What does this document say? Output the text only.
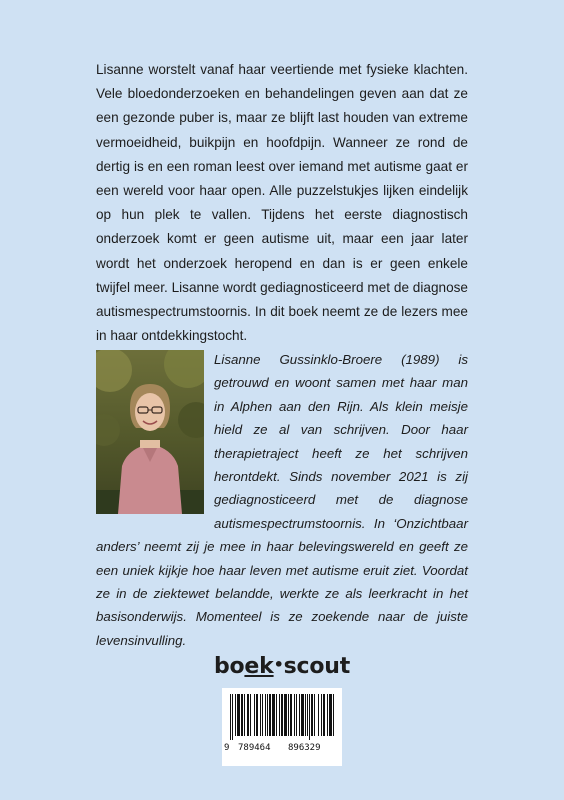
Lisanne worstelt vanaf haar veertiende met fysieke klachten. Vele bloedonderzoeken en behandelingen geven aan dat ze een gezonde puber is, maar ze blijft last houden van extreme vermoeidheid, buikpijn en hoofdpijn. Wanneer ze rond de dertig is en een roman leest over iemand met autisme gaat er een wereld voor haar open. Alle puzzelstukjes lijken eindelijk op hun plek te vallen. Tijdens het eerste diagnostisch onderzoek komt er geen autisme uit, maar een jaar later wordt het onderzoek heropend en dan is er geen enkele twijfel meer. Lisanne wordt gediagnosticeerd met de diagnose autismespectrumstoornis. In dit boek neemt ze de lezers mee in haar ontdekkingstocht.

Lisanne Gussinklo-Broere (1989) is getrouwd en woont samen met haar man in Alphen aan den Rijn. Als klein meisje hield ze al van schrijven. Door haar therapietraject heeft ze het schrijven herontdekt. Sinds november 2021 is zij gediagnosticeerd met de diagnose autismespectrumstoornis. In ‘Onzichtbaar anders’ neemt zij je mee in haar belevingswereld en geeft ze een uniek kijkje hoe haar leven met autisme eruit ziet. Voordat ze in de ziektewet belandde, werkte ze als leerkracht in het basisonderwijs. Momenteel is ze zoekende naar de juiste levensinvulling.

boek•scout
9 789464 896329
